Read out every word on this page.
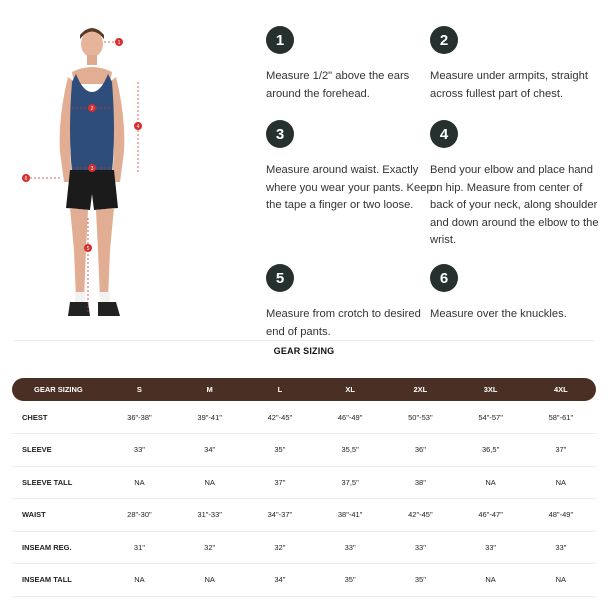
1
2
3
4
5
6
1
Measure 1/2" above the ears around the forehead.
2
Measure under armpits, straight across fullest part of chest.
3
Measure around waist. Exactly where you wear your pants. Keep the tape a finger or two loose.
4
Bend your elbow and place hand on hip. Measure from center of back of your neck, along shoulder and down around the elbow to the wrist.
5
Measure from crotch to desired end of pants.
6
Measure over the knuckles.
GEAR SIZING
GEAR SIZING	S	M	L	XL	2XL	3XL	4XL
CHEST	36"-38"	39"-41"	42"-45"	46"-49"	50"-53"	54"-57"	58"-61"
SLEEVE	33"	34"	35"	35,5"	36"	36,5"	37"
SLEEVE TALL	NA	NA	37"	37,5"	38"	NA	NA
WAIST	28"-30"	31"-33"	34"-37"	38"-41"	42"-45"	46"-47"	48"-49"
INSEAM REG.	31"	32"	32"	33"	33"	33"	33"
INSEAM TALL	NA	NA	34"	35"	35"	NA	NA
